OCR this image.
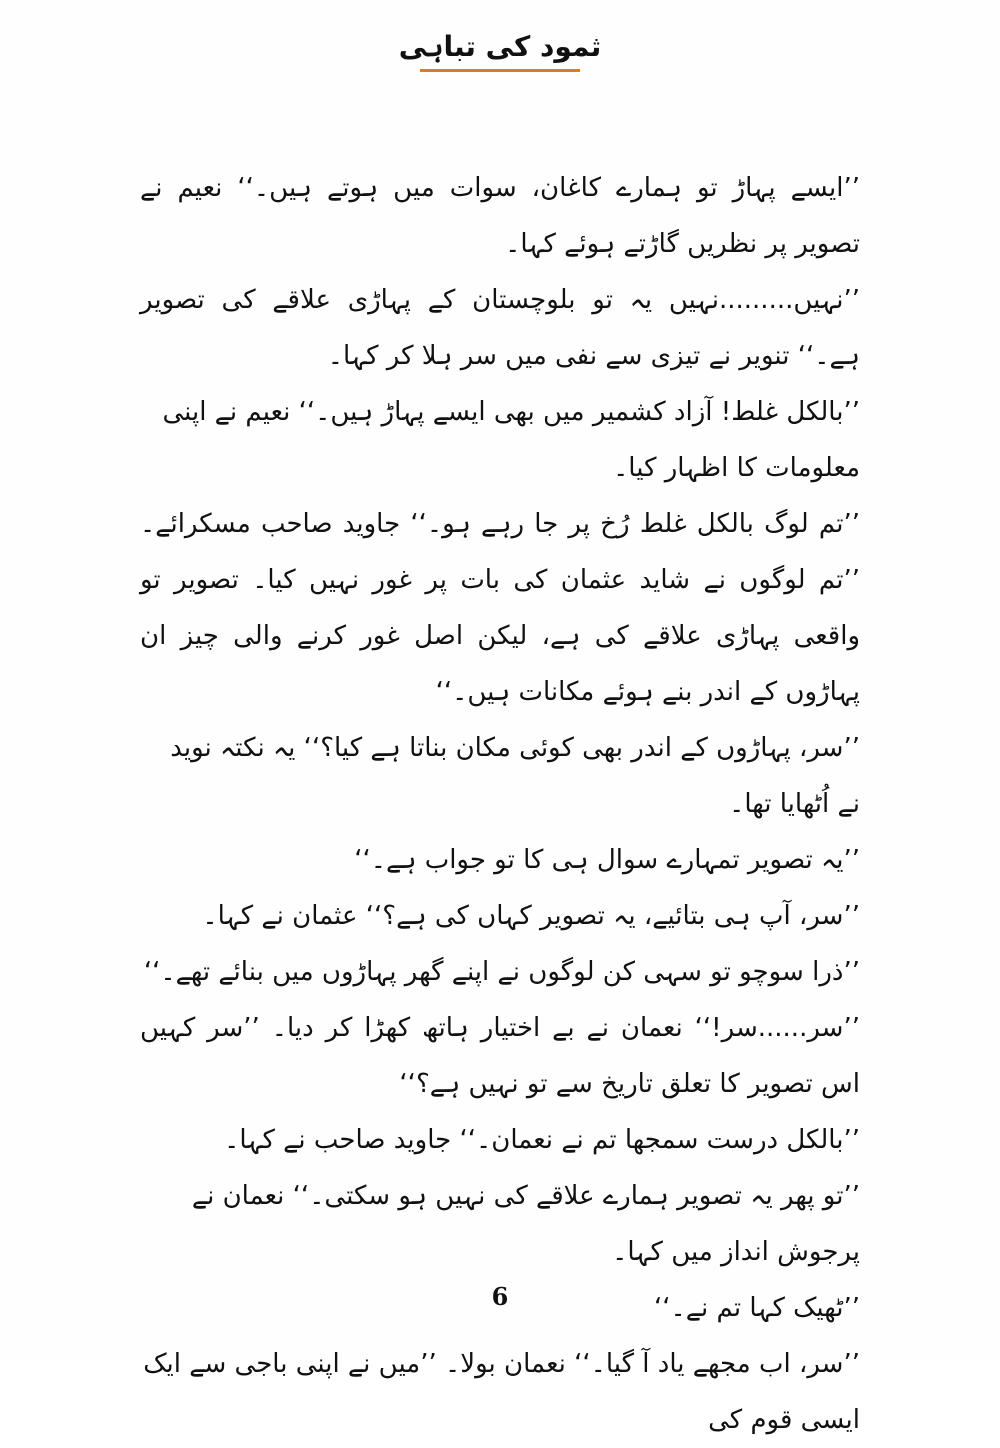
ثمود کی تباہی

’’ایسے پہاڑ تو ہمارے کاغان، سوات میں ہوتے ہیں۔‘‘ نعیم نے تصویر پر نظریں گاڑتے ہوئے کہا۔

’’نہیں.........نہیں یہ تو بلوچستان کے پہاڑی علاقے کی تصویر ہے۔‘‘ تنویر نے تیزی سے نفی میں سر ہلا کر کہا۔

’’بالکل غلط! آزاد کشمیر میں بھی ایسے پہاڑ ہیں۔‘‘ نعیم نے اپنی معلومات کا اظہار کیا۔

’’تم لوگ بالکل غلط رُخ پر جا رہے ہو۔‘‘ جاوید صاحب مسکرائے۔ ’’تم لوگوں نے شاید عثمان کی بات پر غور نہیں کیا۔ تصویر تو واقعی پہاڑی علاقے کی ہے، لیکن اصل غور کرنے والی چیز ان پہاڑوں کے اندر بنے ہوئے مکانات ہیں۔‘‘

’’سر، پہاڑوں کے اندر بھی کوئی مکان بناتا ہے کیا؟‘‘ یہ نکتہ نوید نے اُٹھایا تھا۔

’’یہ تصویر تمہارے سوال ہی کا تو جواب ہے۔‘‘

’’سر، آپ ہی بتائیے، یہ تصویر کہاں کی ہے؟‘‘ عثمان نے کہا۔

’’ذرا سوچو تو سہی کن لوگوں نے اپنے گھر پہاڑوں میں بنائے تھے۔‘‘

’’سر......سر!‘‘ نعمان نے بے اختیار ہاتھ کھڑا کر دیا۔ ’’سر کہیں اس تصویر کا تعلق تاریخ سے تو نہیں ہے؟‘‘

’’بالکل درست سمجھا تم نے نعمان۔‘‘ جاوید صاحب نے کہا۔

’’تو پھر یہ تصویر ہمارے علاقے کی نہیں ہو سکتی۔‘‘ نعمان نے پرجوش انداز میں کہا۔

’’ٹھیک کہا تم نے۔‘‘

’’سر، اب مجھے یاد آ گیا۔‘‘ نعمان بولا۔ ’’میں نے اپنی باجی سے ایک ایسی قوم کی

6
